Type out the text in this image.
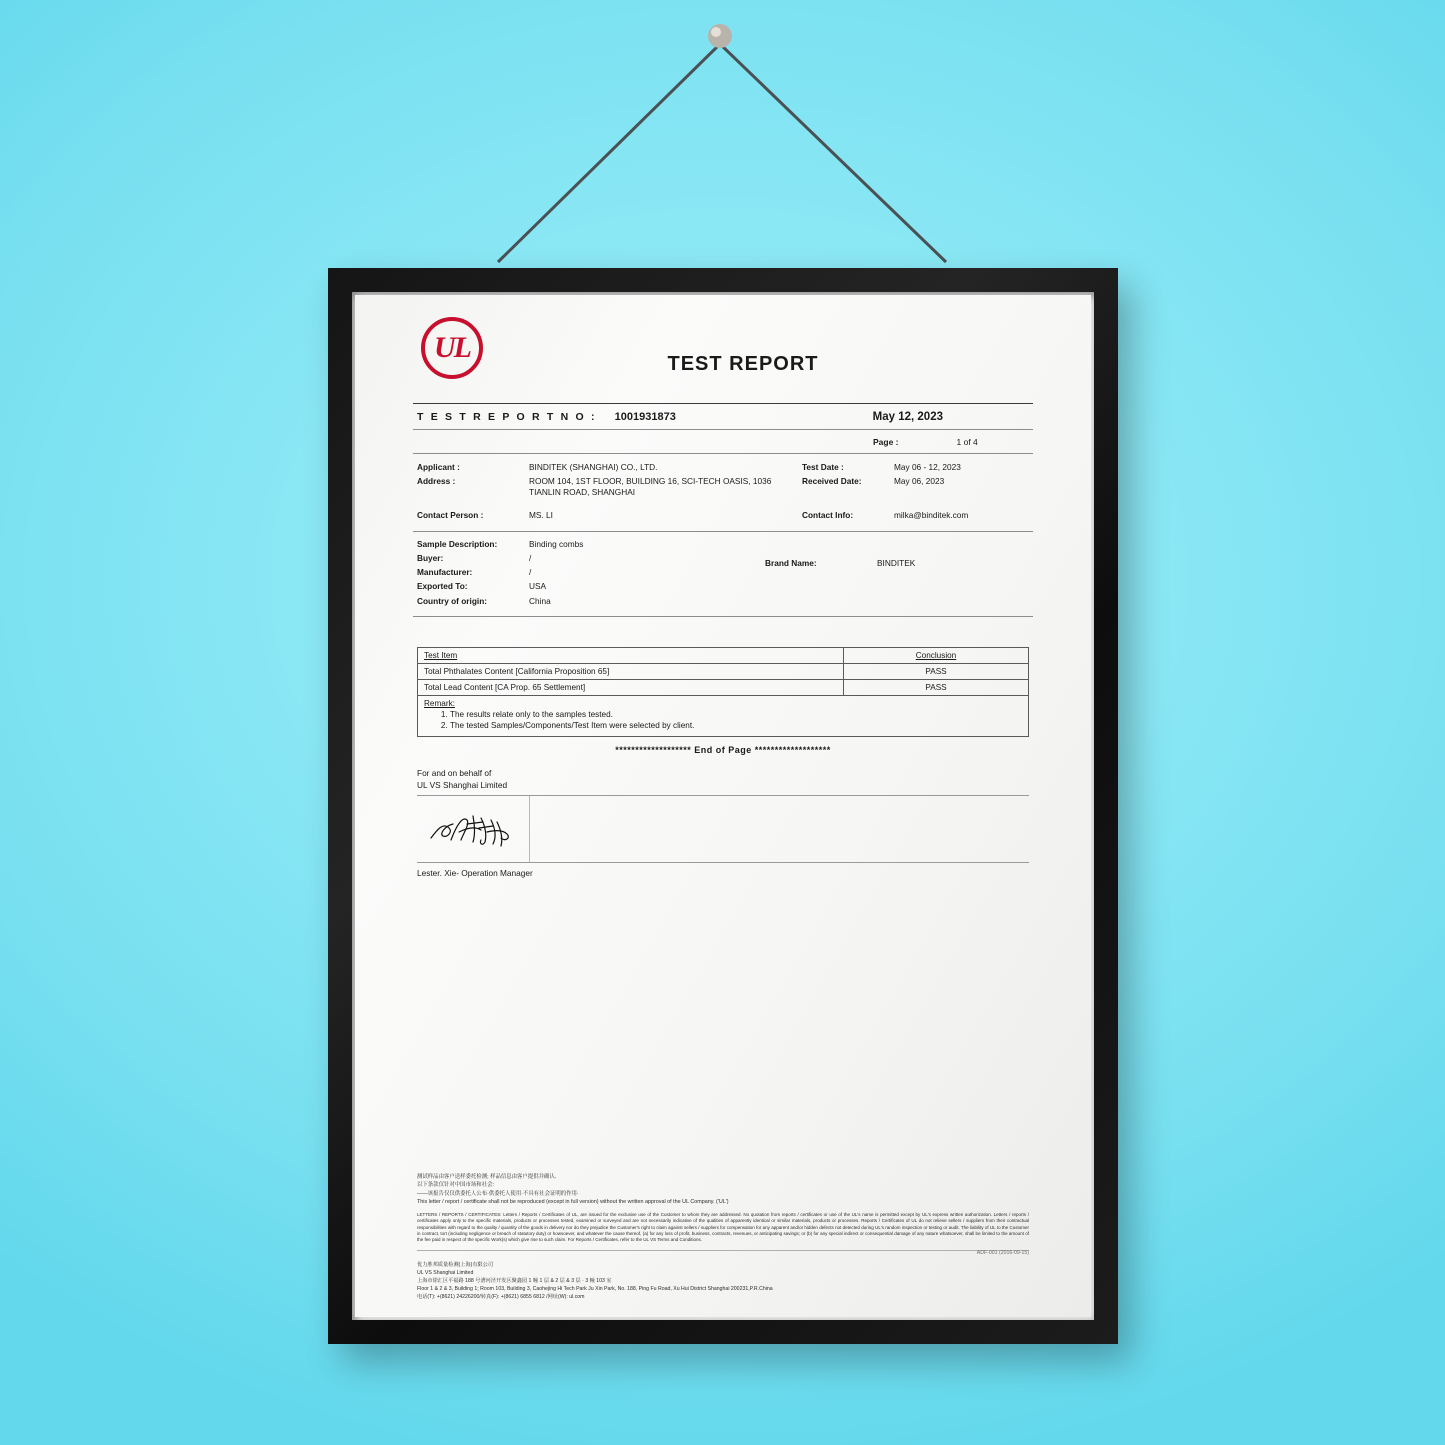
UL	TEST REPORT
T E S T R E P O R T N O : 1001931873	May 12, 2023
Page :	1 of 4
Applicant :	BINDITEK (SHANGHAI) CO., LTD.
Address :	ROOM 104, 1ST FLOOR, BUILDING 16, SCI-TECH OASIS, 1036 TIANLIN ROAD, SHANGHAI
Test Date :	May 06 - 12, 2023
Received Date:	May 06, 2023
Contact Person :	MS. LI	Contact Info:	milka@binditek.com
Sample Description:	Binding combs
Buyer:	/
Manufacturer:	/
Exported To:	USA
Country of origin:	China
Brand Name:	BINDITEK
Test Item	Conclusion
Total Phthalates Content [California Proposition 65]	PASS
Total Lead Content [CA Prop. 65 Settlement]	PASS
Remark:
1. The results relate only to the samples tested.
2. The tested Samples/Components/Test Item were selected by client.
******************* End of Page *******************
For and on behalf of
UL VS Shanghai Limited
Lester. Xie- Operation Manager
测试样品由客户送样委托检测; 样品信息由客户提供并确认.
以下条款仅针对中国市场和社会:
——该报告仅仅供委托人公布·供委托人使用·不具有社会证明的作用·
This letter / report / certificate shall not be reproduced (except in full version) without the written approval of the UL Company. ('UL')
LETTERS / REPORTS / CERTIFICATES: Letters / Reports / Certificates of UL, are issued for the exclusive use of the Customer to whom they are addressed. No quotation from reports / certificates or use of the UL's name is permitted except by UL's express written authorization. Letters / reports / certificates apply only to the specific materials, products or processes tested, examined or surveyed and are not necessarily indicative of the qualities of apparently identical or similar materials, products or processes. Reports / Certificates of UL do not relieve sellers / suppliers from their contractual responsibilities with regard to the quality / quantity of the goods in delivery nor do they prejudice the Customer's right to claim against sellers / suppliers for compensation for any apparent and/or hidden defects not detected during UL's random inspection or testing or audit. The liability of UL to the Customer in contract, tort (including negligence or breach of statutory duty) or howsoever, and whatever the cause thereof, (a) for any loss of profit, business, contracts, revenues, or anticipating savings; or (b) for any special indirect or consequential damage of any nature whatsoever, shall be limited to the amount of the fee paid in respect of the specific Work(s) which give rise to such claim. For Reports / Certificates, refer to the UL VS Terms and Conditions.
ADF-001 (2016-09-15)
优力胜邦质量检测(上海)有限公司
UL VS Shanghai Limited
上海市徐汇区平福路 188 号漕河泾开发区聚鑫园 1 幢 1 层 & 2 层 & 3 层 · 3 幢 103 室
Floor 1 & 2 & 3, Building 1; Room 103, Building 3, Caohejing Hi Tech Park Ju Xin Park, No. 188, Ping Fu Road, Xu Hui District Shanghai 200231,P.R.China
电话(T): +(8621) 24226200/转真(F): +(8621) 6855 6812 /网址(W): ul.com
